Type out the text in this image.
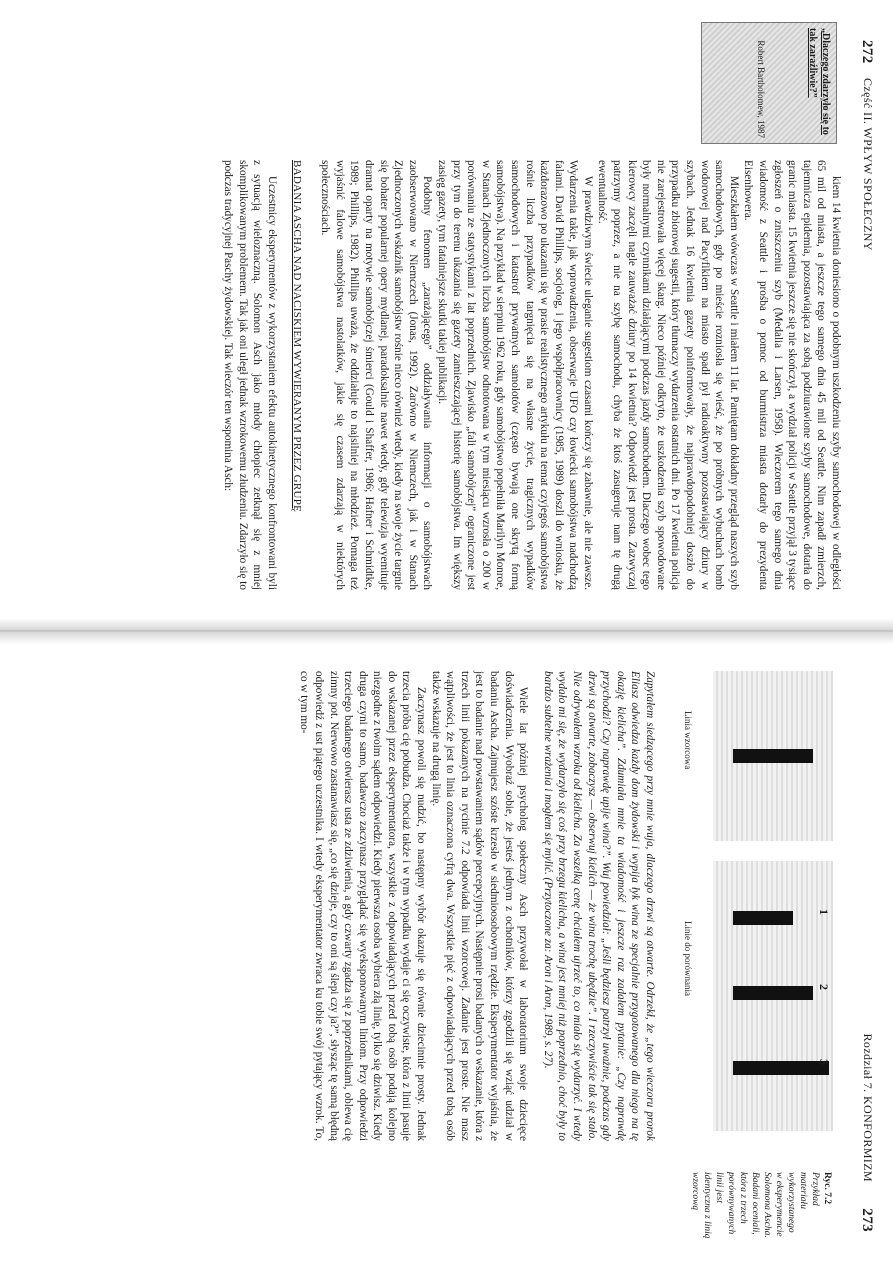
272
Część II. WPŁYW SPOŁECZNY
„Dlaczego zdarzyło się to tak zaraźliwie?”
Robert Bartholomew, 1987

kiem 14 kwietnia doniesiono o podobnym uszkodzeniu szyby samochodowej w odległości 65 mil od miasta, a jeszcze tego samego dnia 45 mil od Seattle. Nim zapadł zmierzch, tajemnicza epidemia, pozostawiająca za sobą podziurawione szyby samochodowe, dotarła do granic miasta. 15 kwietnia jeszcze się nie skończył, a wydział policji w Seattle przyjął 3 tysiące zgłoszeń o zniszczeniu szyb (Medalia i Larsen, 1958). Wieczorem tego samego dnia wiadomość z Seattle i prośba o pomoc od burmistrza miasta dotarły do prezydenta Eisenhowera.

Mieszkałem wówczas w Seattle i miałem 11 lat. Pamiętam dokładny przegląd naszych szyb samochodowych, gdy po mieście rozniosła się wieść, że po próbnych wybuchach bomb wodorowej nad Pacyfikiem na miasto spadł pył radioaktywny pozostawiający dziury w szybach. Jednak 16 kwietnia gazety poinformowały, że najprawdopodobniej doszło do przypadku zbiorowej sugestii, który tłumaczy wydarzenia ostatnich dni. Po 17 kwietnia policja nie zarejestrowała więcej skarg. Nieco później odkryto, że uszkodzenia szyb spowodowane były normalnymi czynnikami działającymi podczas jazdy samochodem. Dlaczego wobec tego kierowcy zaczęli nagle zauważać dziury po 14 kwietnia? Odpowiedź jest prosta. Zazwyczaj patrzymy poprzez, a nie na szybę samochodu, chyba że ktoś zasugeruje nam tę drugą ewentualność.

W prawdziwym świecie uleganie sugestiom czasami kończy się zabawnie, ale nie zawsze. Wydarzenia takie, jak wprowadzenia, obserwacje UFO czy łowiecki samobójstwa nadchodzą falami. David Phillips, socjolog, i jego współpracownicy (1985, 1989) doszli do wniosku, że każdorazowo po ukazaniu się w prasie realistycznego artykułu na temat czyjegoś samobójstwa rośnie liczba przypadków targnięcia się na własne życie, tragicznych wypadków samochodowych i katastrof prywatnych samolotów (często bywają one skrytą formą samobójstwa). Na przykład w sierpniu 1962 roku, gdy samobójstwo popełniła Marilyn Monroe, w Stanach Zjednoczonych liczba samobójstw odnotowana w tym miesiącu wzrosła o 200 w porównaniu ze statystykami z lat poprzednich. Zjawisko „fali samobójczej” ograniczone jest przy tym do terenu ukazania się gazety zamieszczającej historię samobójstwa. Im większy zasięg gazety, tym fatalniejsze skutki takiej publikacji.

Podobny fenomen „zarażającego” oddziaływania informacji o samobójstwach zaobserwowano w Niemczech (Jonas, 1992). Zarówno w Niemczech, jak i w Stanach Zjednoczonych wskaźnik samobójstw rośnie nieco również wtedy, kiedy na swoje życie targnie się bohater popularnej opery mydlanej, paradoksalnie nawet wtedy, gdy telewizja wyemituje dramat oparty na motywie samobójczej śmierci (Gould i Shaffer, 1986; Hafner i Schmidtke, 1989; Phillips, 1982). Phillips uważa, że oddziałuje to najsilniej na młodzież. Pomaga też wyjaśnić falowe samobójstwa nastolatków, jakie się czasem zdarzają w niektórych społecznościach.

BADANIA ASCHA NAD NACISKIEM WYWIERANYM PRZEZ GRUPĘ

Uczestnicy eksperymentów z wykorzystaniem efektu autokinetycznego konfrontowani byli z sytuacją wieloznaczną. Solomon Asch jako młody chłopiec zetknął się z mniej skomplikowanym problemem. Tak jak oni uległ jednak wzrokowemu złudzeniu. Zdarzyło się to podczas tradycyjnej Paschy żydowskiej. Tak wieczór ten wspomina Asch:

Rozdział 7. KONFORMIZM
273
1
2
3
Linia wzorcowa
Linie do porównania
Ryc. 7.2
Przykład materiału wykorzystanego w eksperymencie Solomona Ascha. Badani oceniali, która z trzech porównywanych linii jest identyczna z linią wzorcową

Zapytałem siedzącego przy mnie wuja, dlaczego drzwi są otwarte. Odrzekł, że „tego wieczoru prorok Eliasz odwiedza każdy dom żydowski i wypija łyk wina ze specjalnie przygotowanego dla niego na tę okazję kielicha”. Zdumiała mnie ta wiadomość i jeszcze raz zadałem pytanie: „Czy naprawdę przychodzi? Czy naprawdę upije wina?”. Wuj powiedział: „Jeśli będziesz patrzył uważnie, podczas gdy drzwi są otwarte, zobaczysz — obserwuj kielich — że wina trochę ubędzie”. I rzeczywiście tak się stało. Nie odrywałem wzroku od kielicha. Za wszelką cenę chciałem ujrzeć to, co miało się wydarzyć. I wtedy wydało mi się, że wydarzyło się coś przy brzegu kielicha, a wina jest mniej niż poprzednio, choć były to bardzo subtelne wrażenia i mogłem się mylić. (Przytoczone za: Aron i Aron, 1989, s. 27).

Wiele lat później psycholog społeczny Asch przywołał w laboratorium swoje dziecięce doświadczenia. Wyobraź sobie, że jesteś jednym z ochotników, którzy zgodzili się wziąć udział w badaniu Ascha. Zajmujesz szóste krzesło w siedmioosobowym rzędzie. Eksperymentator wyjaśnia, że jest to badanie nad powstawaniem sądów percepcyjnych. Następnie prosi badanych o wskazanie, która z trzech linii pokazanych na rycinie 7.2 odpowiada linii wzorcowej. Zadanie jest proste. Nie masz wątpliwości, że jest to linia oznaczona cyfrą dwa. Wszystkie pięć z odpowiadających przed tobą osób także wskazuje na drugą linię.

Zaczynasz powoli się nudzić, bo następny wybór okazuje się równie dziecinnie prosty. Jednak trzecia próba cię pobudza. Chociaż także i w tym wypadku wydaje ci się oczywiste, która z linii pasuje do wskazanej przez eksperymentatora, wszystkie z odpowiadających przed tobą osób podają kolejno niezgodne z twoim sądem odpowiedzi. Kiedy pierwsza osoba wybiera złą linię, tylko się dziwisz. Kiedy druga czyni to samo, badawczo zaczynasz przyglądać się wyeksponowanym liniom. Przy odpowiedzi trzeciego badanego otwierasz usta ze zdziwienia, a gdy czwarty zgadza się z poprzednikami, oblewa cię zimny pot. Nerwowo zastanawiasz się, „co się dzieje, czy to oni są ślepi czy ja?”, słysząc tę samą błędną odpowiedź z ust piątego uczestnika. I wtedy eksperymentator zwraca ku tobie swój pytający wzrok. To, co w tym mo-
